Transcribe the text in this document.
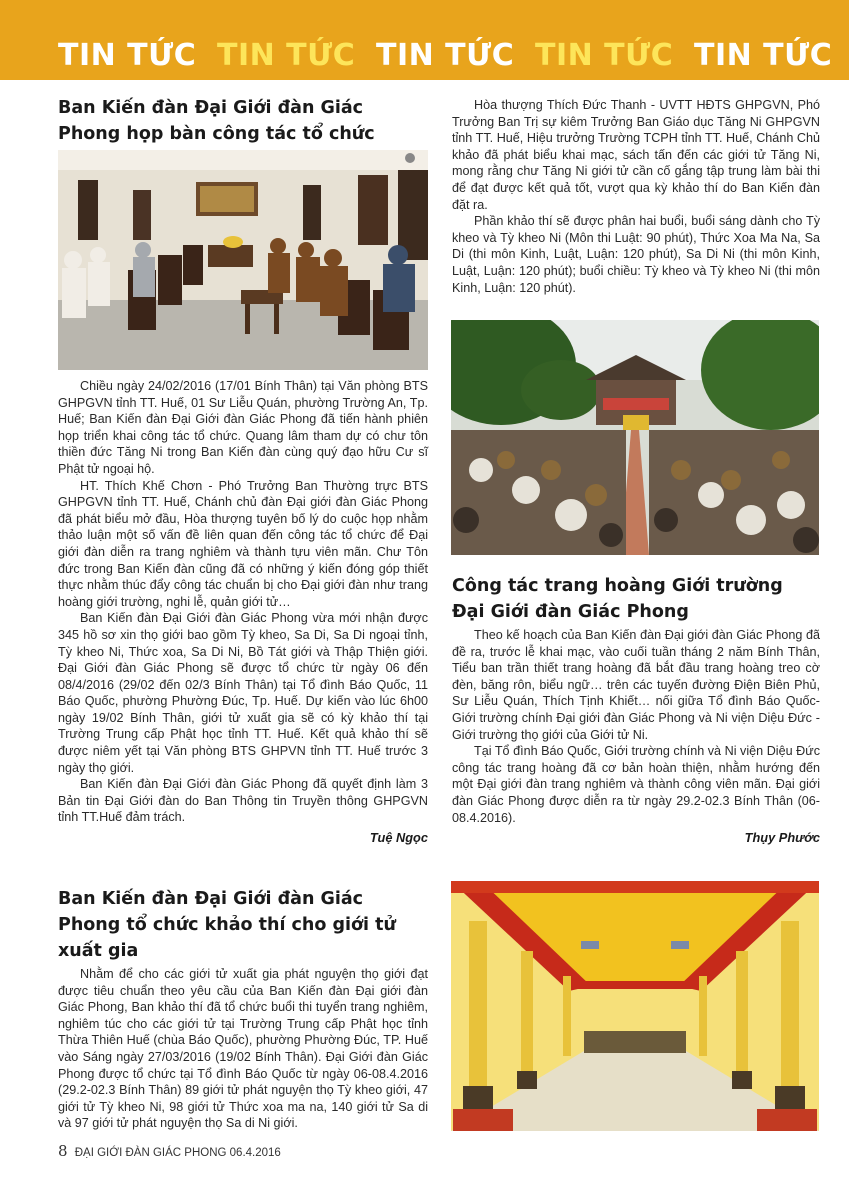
TIN TỨC TIN TỨC TIN TỨC TIN TỨC TIN TỨC
Ban Kiến đàn Đại Giới đàn Giác Phong họp bàn công tác tổ chức

Chiều ngày 24/02/2016 (17/01 Bính Thân) tại Văn phòng BTS GHPGVN tỉnh TT. Huế, 01 Sư Liễu Quán, phường Trường An, Tp. Huế; Ban Kiến đàn Đại Giới đàn Giác Phong đã tiến hành phiên họp triển khai công tác tổ chức. Quang lâm tham dự có chư tôn thiền đức Tăng Ni trong Ban Kiến đàn cùng quý đạo hữu Cư sĩ Phật tử ngoại hộ.

HT. Thích Khế Chơn - Phó Trưởng Ban Thường trực BTS GHPGVN tỉnh TT. Huế, Chánh chủ đàn Đại giới đàn Giác Phong đã phát biểu mở đầu, Hòa thượng tuyên bố lý do cuộc họp nhằm thảo luận một số vấn đề liên quan đến công tác tổ chức để Đại giới đàn diễn ra trang nghiêm và thành tựu viên mãn. Chư Tôn đức trong Ban Kiến đàn cũng đã có những ý kiến đóng góp thiết thực nhằm thúc đẩy công tác chuẩn bị cho Đại giới đàn như trang hoàng giới trường, nghi lễ, quản giới tử…

Ban Kiến đàn Đại Giới đàn Giác Phong vừa mới nhận được 345 hồ sơ xin thọ giới bao gồm Tỳ kheo, Sa Di, Sa Di ngoại tỉnh, Tỳ kheo Ni, Thức xoa, Sa Di Ni, Bồ Tát giới và Thập Thiện giới. Đại Giới đàn Giác Phong sẽ được tổ chức từ ngày 06 đến 08/4/2016 (29/02 đến 02/3 Bính Thân) tại Tổ đình Báo Quốc, 11 Báo Quốc, phường Phường Đúc, Tp. Huế. Dự kiến vào lúc 6h00 ngày 19/02 Bính Thân, giới tử xuất gia sẽ có kỳ khảo thí tại Trường Trung cấp Phật học tỉnh TT. Huế. Kết quả khảo thí sẽ được niêm yết tại Văn phòng BTS GHPVN tỉnh TT. Huế trước 3 ngày thọ giới.

Ban Kiến đàn Đại Giới đàn Giác Phong đã quyết định làm 3 Bản tin Đại Giới đàn do Ban Thông tin Truyền thông GHPGVN tỉnh TT.Huế đảm trách.

Tuệ Ngọc
Ban Kiến đàn Đại Giới đàn Giác Phong tổ chức khảo thí cho giới tử xuất gia

Nhằm để cho các giới tử xuất gia phát nguyện thọ giới đạt được tiêu chuẩn theo yêu cầu của Ban Kiến đàn Đại giới đàn Giác Phong, Ban khảo thí đã tổ chức buổi thi tuyển trang nghiêm, nghiêm túc cho các giới tử tại Trường Trung cấp Phật học tỉnh Thừa Thiên Huế (chùa Báo Quốc), phường Phường Đúc, TP. Huế vào Sáng ngày 27/03/2016 (19/02 Bính Thân). Đại Giới đàn Giác Phong được tổ chức tại Tổ đình Báo Quốc từ ngày 06-08.4.2016 (29.2-02.3 Bính Thân) 89 giới tử phát nguyện thọ Tỳ kheo giới, 47 giới tử Tỳ kheo Ni, 98 giới tử Thức xoa ma na, 140 giới tử Sa di và 97 giới tử phát nguyện thọ Sa di Ni giới.

Hòa thượng Thích Đức Thanh - UVTT HĐTS GHPGVN, Phó Trưởng Ban Trị sự kiêm Trưởng Ban Giáo dục Tăng Ni GHPGVN tỉnh TT. Huế, Hiệu trưởng Trường TCPH tỉnh TT. Huế, Chánh Chủ khảo đã phát biểu khai mạc, sách tấn đến các giới tử Tăng Ni, mong rằng chư Tăng Ni giới tử cần cố gắng tập trung làm bài thi để đạt được kết quả tốt, vượt qua kỳ khảo thí do Ban Kiến đàn đặt ra.

Phần khảo thí sẽ được phân hai buổi, buổi sáng dành cho Tỳ kheo và Tỳ kheo Ni (Môn thi Luật: 90 phút), Thức Xoa Ma Na, Sa Di (thi môn Kinh, Luật, Luận: 120 phút), Sa Di Ni (thi môn Kinh, Luật, Luận: 120 phút); buổi chiều: Tỳ kheo và Tỳ kheo Ni (thi môn Kinh, Luận: 120 phút).

Công tác trang hoàng Giới trường Đại Giới đàn Giác Phong

Theo kế hoạch của Ban Kiến đàn Đại giới đàn Giác Phong đã đề ra, trước lễ khai mạc, vào cuối tuần tháng 2 năm Bính Thân, Tiểu ban trần thiết trang hoàng đã bắt đầu trang hoàng treo cờ đèn, băng rôn, biểu ngữ… trên các tuyến đường Điện Biên Phủ, Sư Liễu Quán, Thích Tịnh Khiết… nối giữa Tổ đình Báo Quốc- Giới trường chính Đại giới đàn Giác Phong và Ni viện Diệu Đức - Giới trường thọ giới của Giới tử Ni.

Tại Tổ đình Báo Quốc, Giới trường chính và Ni viện Diệu Đức công tác trang hoàng đã cơ bản hoàn thiện, nhằm hướng đến một Đại giới đàn trang nghiêm và thành công viên mãn. Đại giới đàn Giác Phong được diễn ra từ ngày 29.2-02.3 Bính Thân (06-08.4.2016).

Thụy Phước
8 ĐẠI GIỚI ĐÀN GIÁC PHONG 06.4.2016
